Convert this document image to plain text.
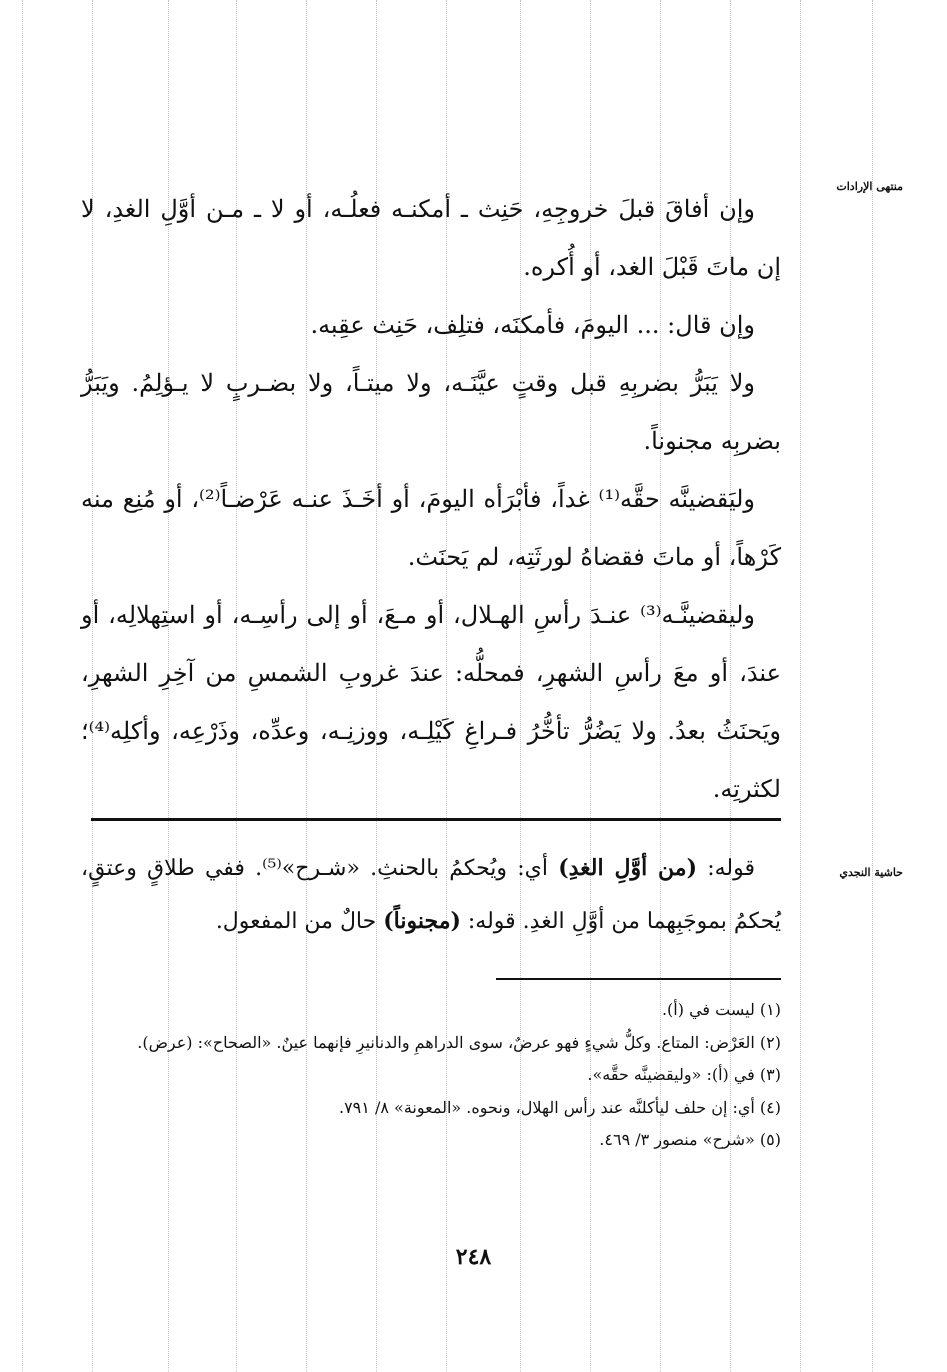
منتهى الإرادات
حاشية النجدي

وإن أفاقَ قبلَ خروجِهِ، حَنِث ـ أمكنـه فعلُـه، أو لا ـ مـن أوَّلِ الغدِ، لا إن ماتَ قَبْلَ الغد، أو أُكره.

وإن قال: ... اليومَ، فأمكنَه، فتلِف، حَنِث عقِبه.

ولا يَبَرُّ بضربِهِ قبل وقتٍ عيَّنَـه، ولا ميتـاً، ولا بضـربٍ لا يـؤلِمُ. ويَبَرُّ بضربِه مجنوناً.

وليَقضينَّه حقَّه⁽¹⁾ غداً، فأبْرَأه اليومَ، أو أخَـذَ عنـه عَرْضـاً⁽²⁾، أو مُنِع منه كَرْهاً، أو ماتَ فقضاهُ لورثَتِه، لم يَحنَث.

وليقضينَّـه⁽³⁾ عنـدَ رأسِ الهـلال، أو مـعَ، أو إلى رأسِـه، أو استِهلالِه، أو عندَ، أو معَ رأسِ الشهرِ، فمحلُّه: عندَ غروبِ الشمسِ من آخِرِ الشهرِ، ويَحنَثُ بعدُ. ولا يَضُرُّ تأخُّرُ فـراغِ كَيْلِـه، ووزنِـه، وعدِّه، وذَرْعِه، وأكلِه⁽⁴⁾؛ لكثرتِه.

قوله: (من أوَّلِ الغدِ) أي: ويُحكمُ بالحنثِ. «شـرح»⁽⁵⁾. ففي طلاقٍ وعتقٍ، يُحكمُ بموجَبِهما من أوَّلِ الغدِ. قوله: (مجنوناً) حالٌ من المفعول.

(١) ليست في (أ).

(٢) العَرْض: المتاع. وكلُّ شيءٍ فهو عرضٌ، سوى الدراهمِ والدنانيرِ فإنهما عينٌ. «الصحاح»: (عرض).

(٣) في (أ): «وليقضينَّه حقَّه».

(٤) أي: إن حلف ليأكلنَّه عند رأس الهلال، ونحوه. «المعونة» ٨/ ٧٩١.

(٥) «شرح» منصور ٣/ ٤٦٩.

٢٤٨
